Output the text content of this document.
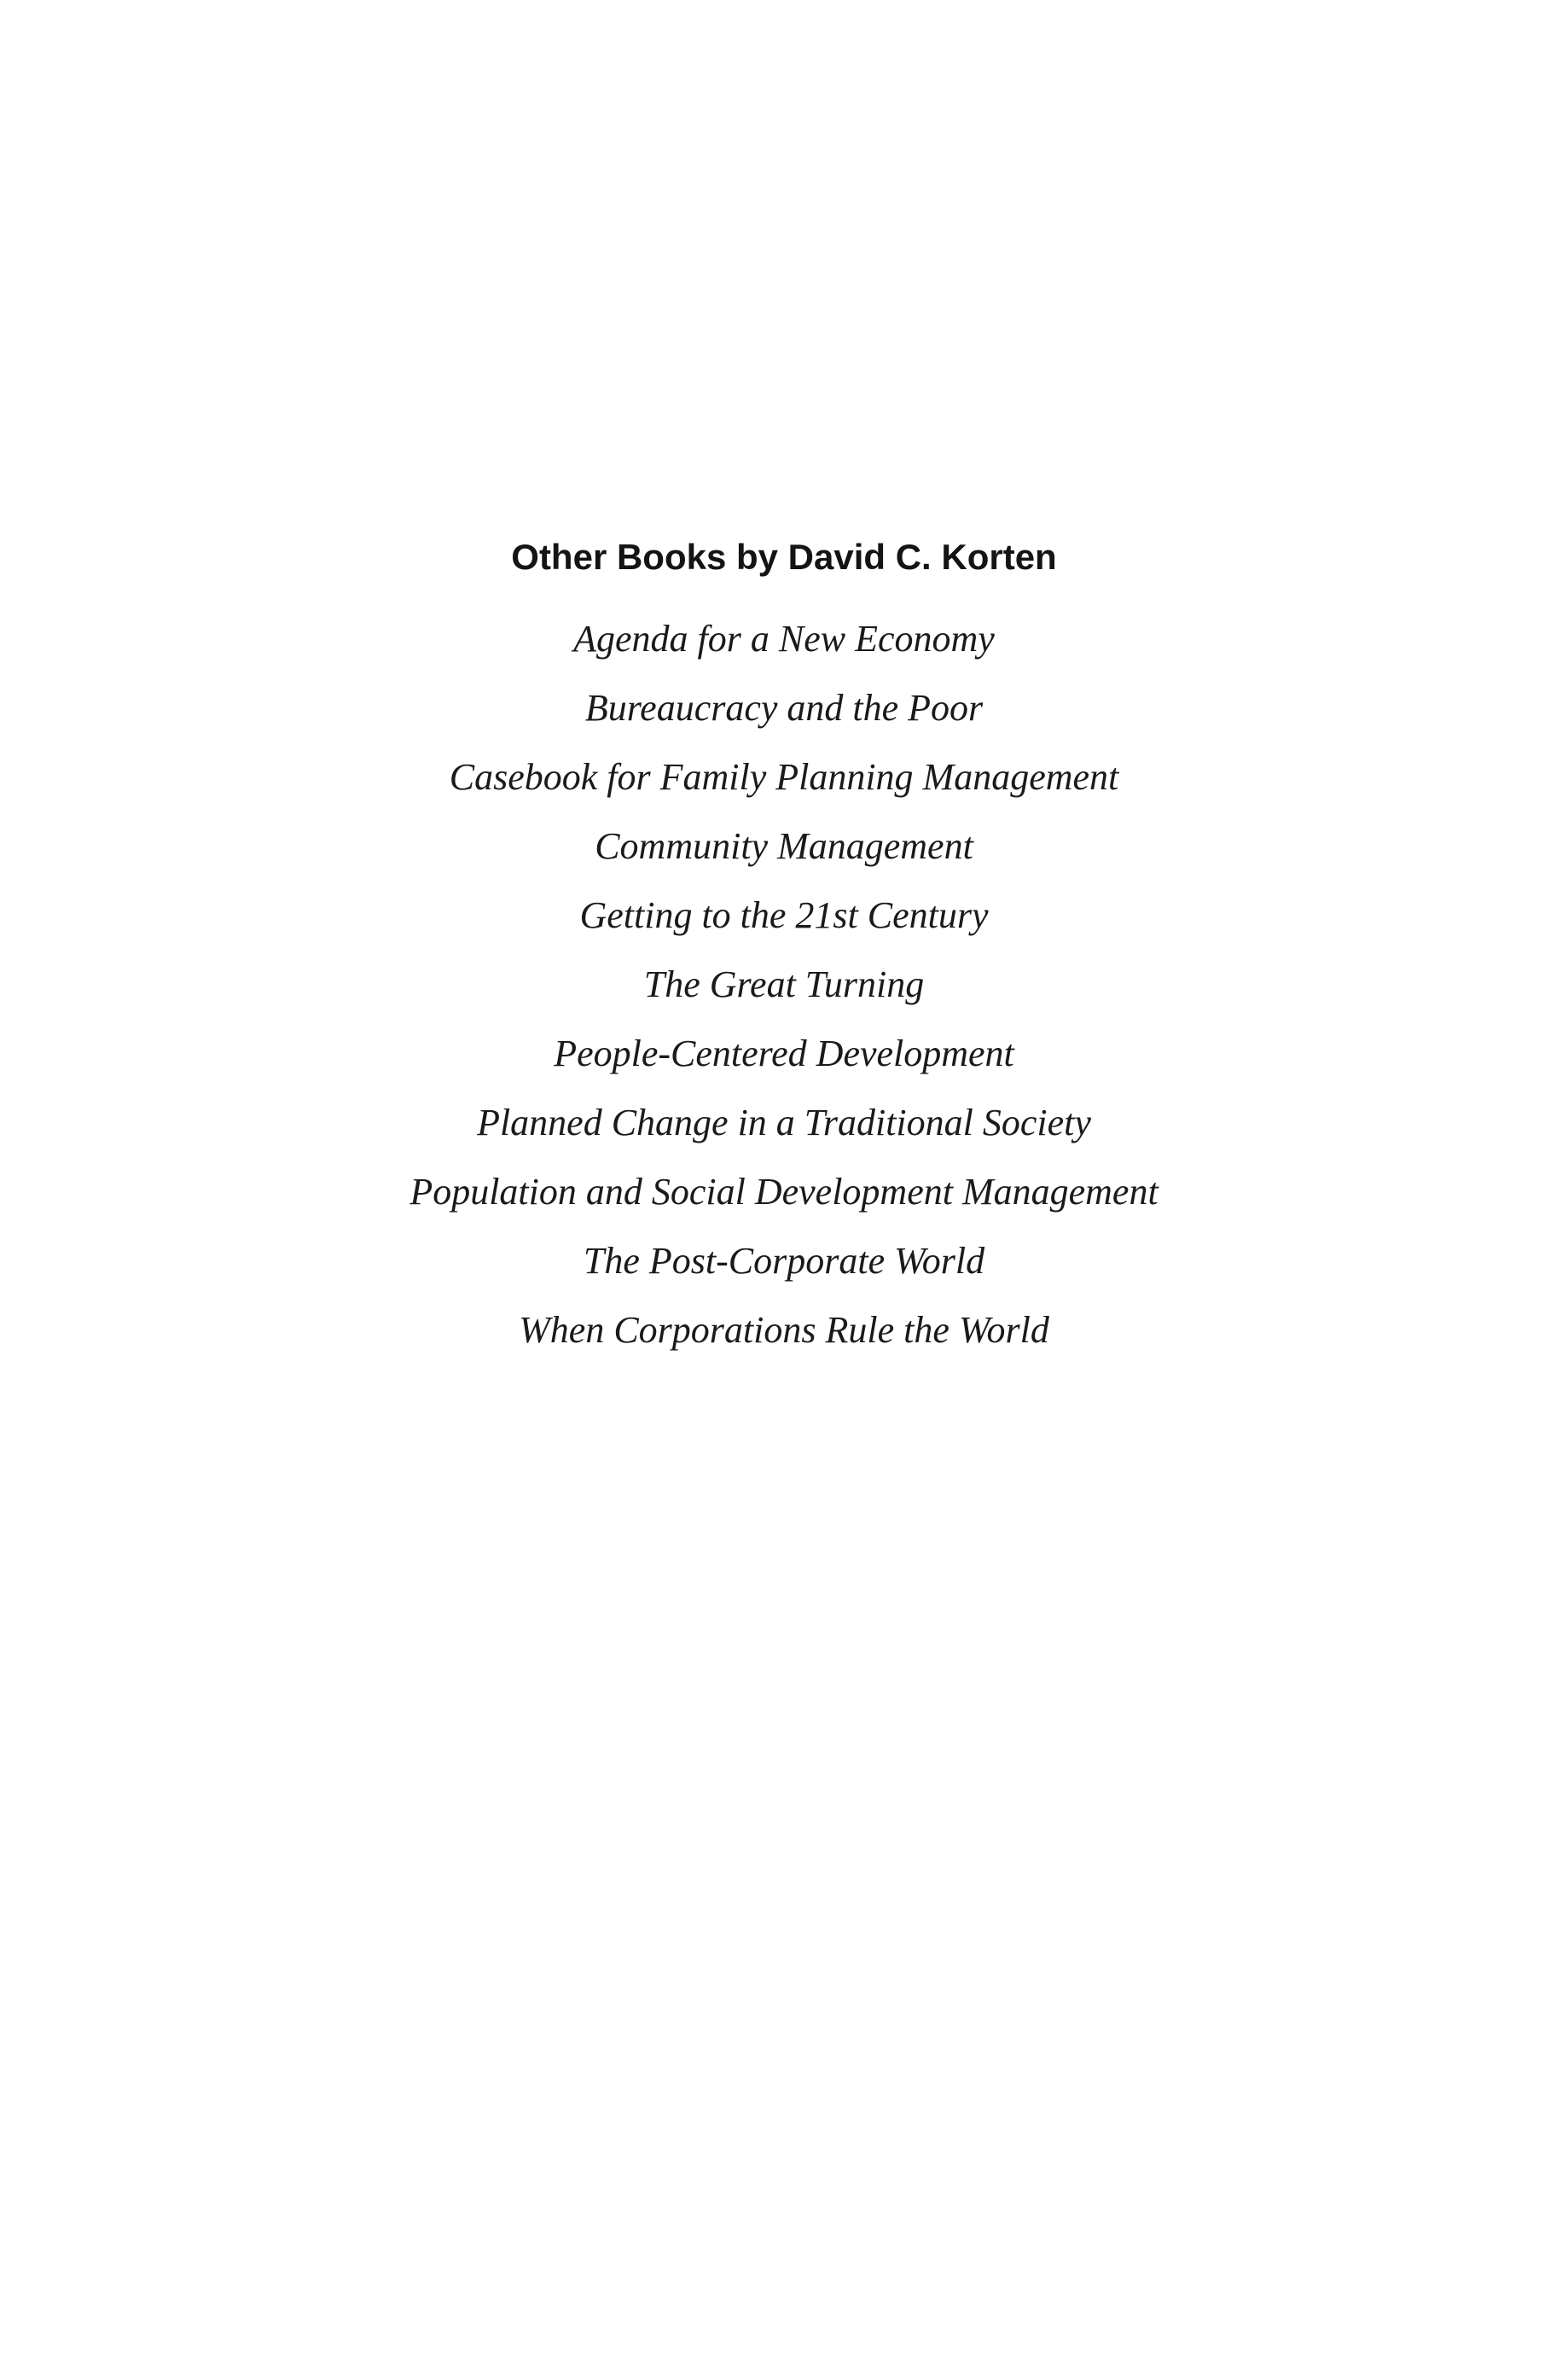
Other Books by David C. Korten
Agenda for a New Economy
Bureaucracy and the Poor
Casebook for Family Planning Management
Community Management
Getting to the 21st Century
The Great Turning
People-Centered Development
Planned Change in a Traditional Society
Population and Social Development Management
The Post-Corporate World
When Corporations Rule the World
